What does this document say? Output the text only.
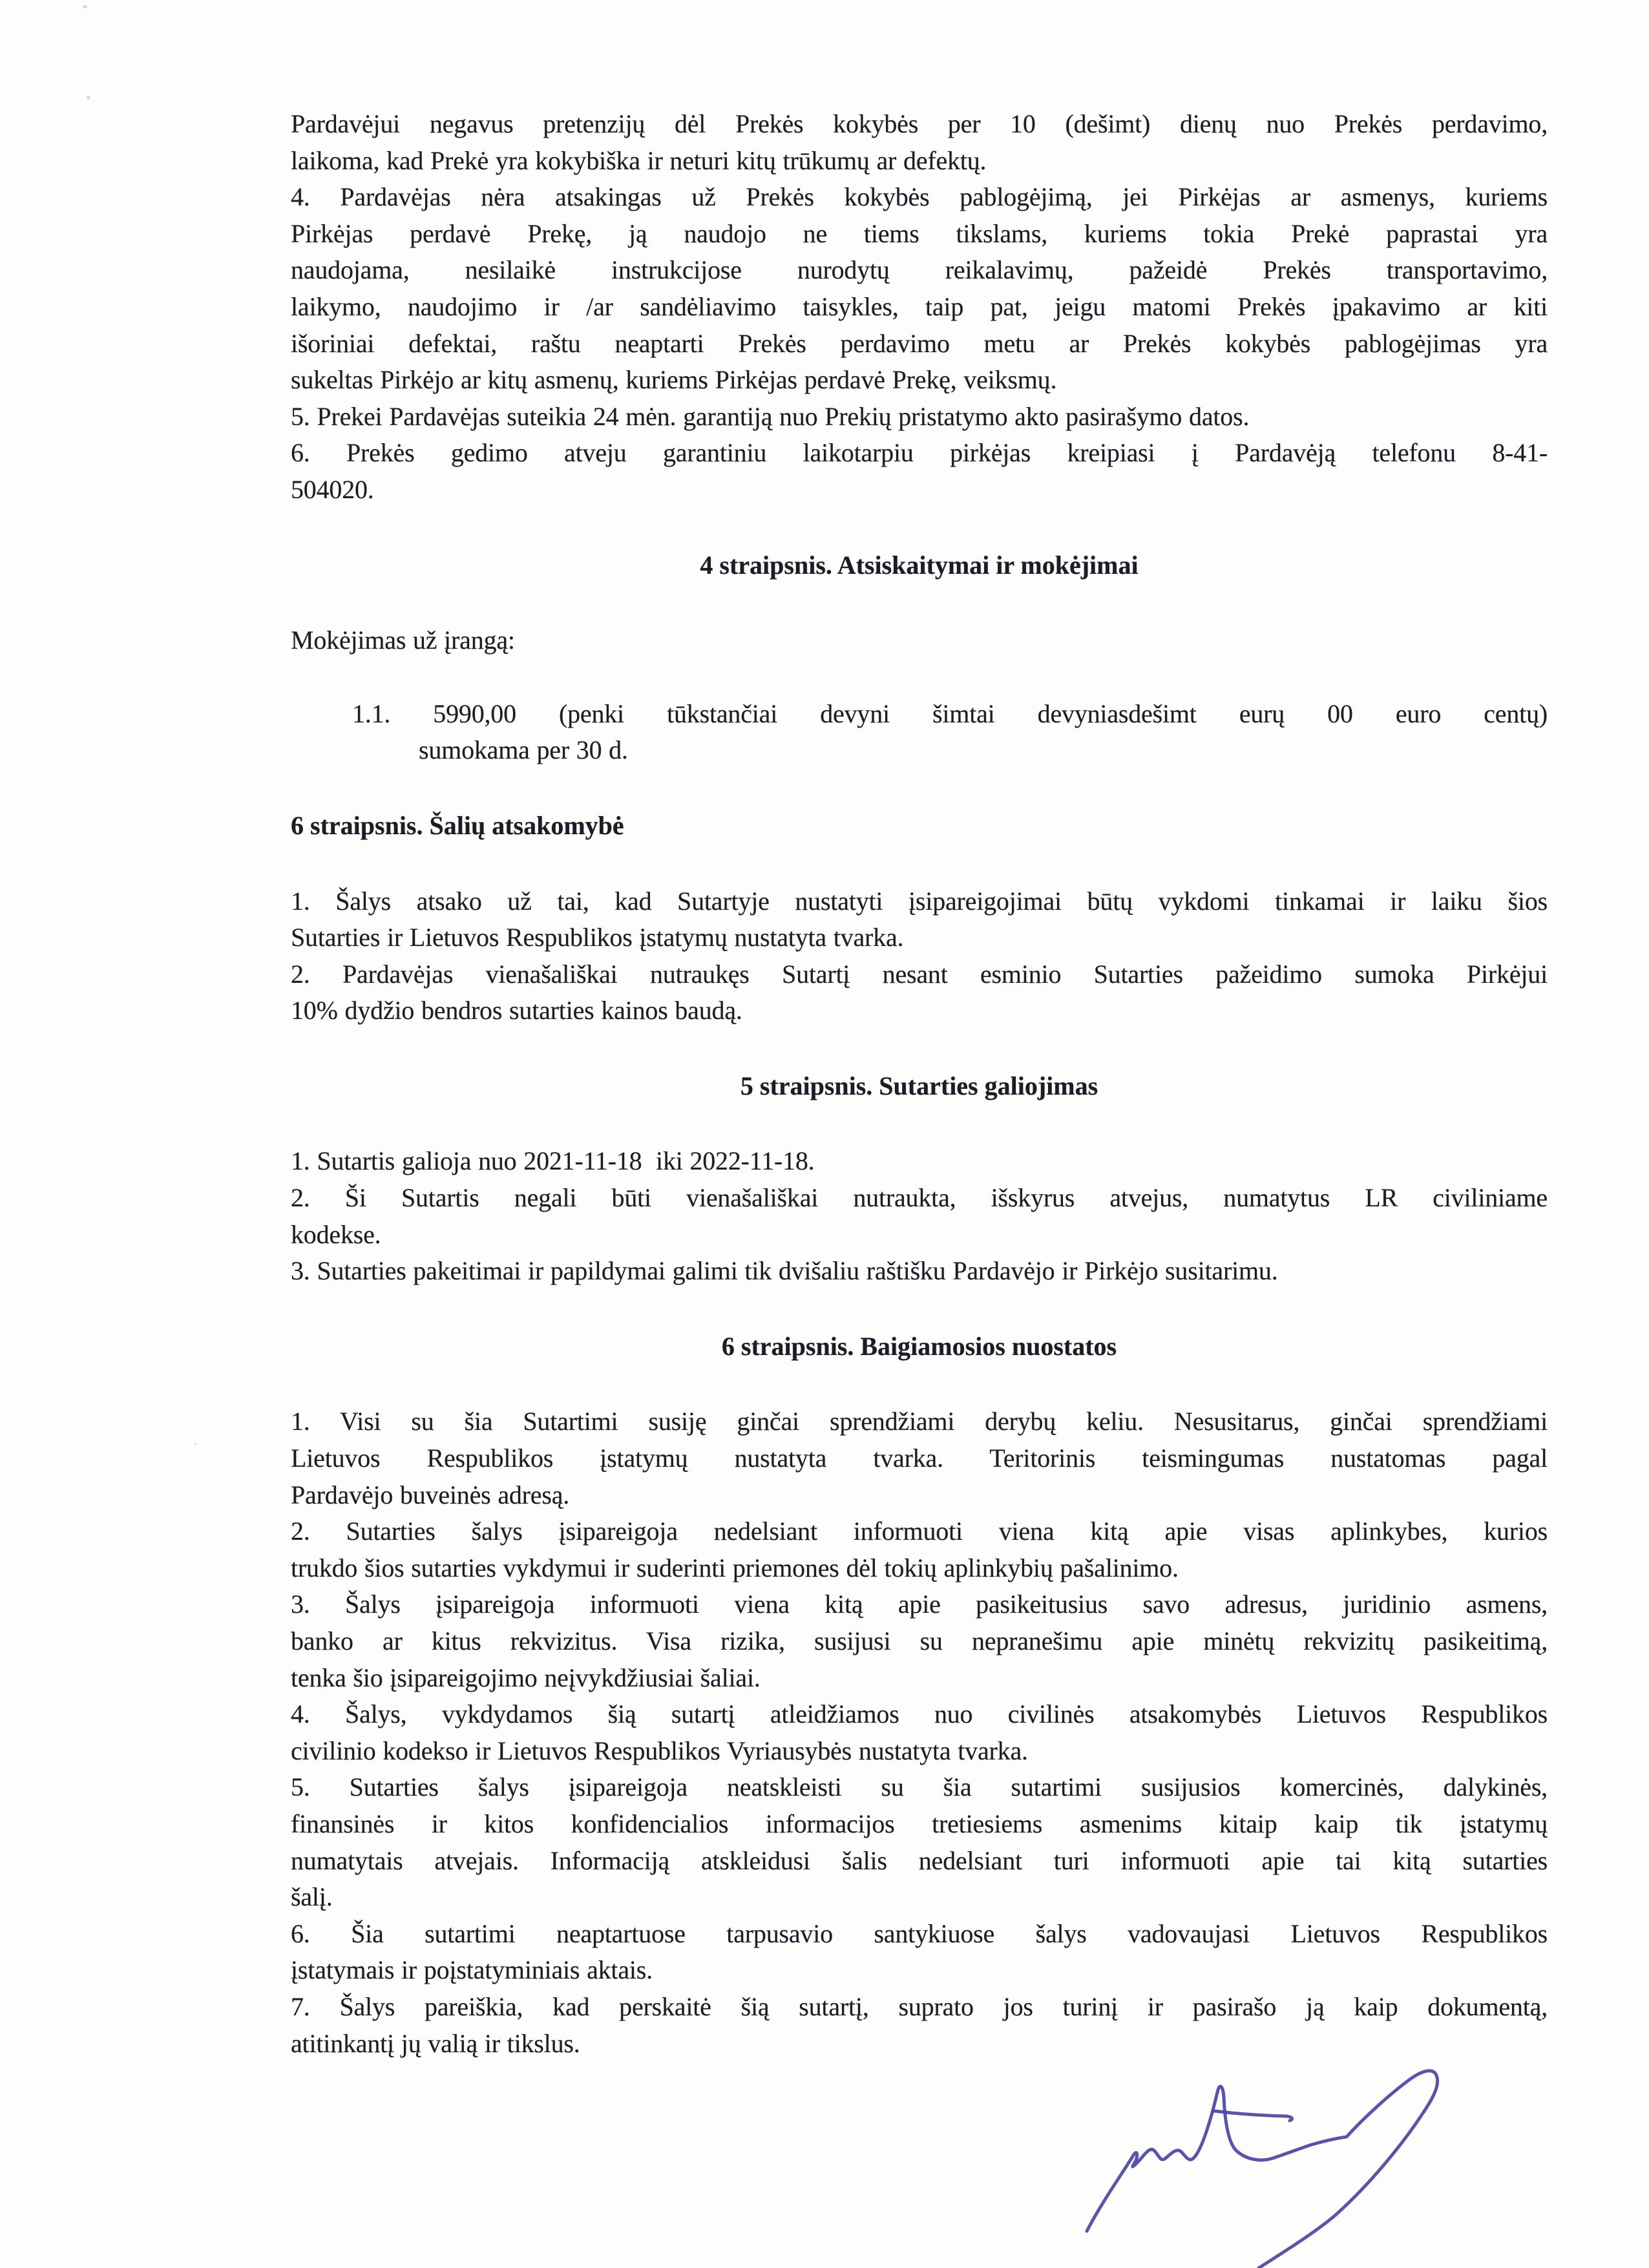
Pardavėjui negavus pretenzijų dėl Prekės kokybės per 10 (dešimt) dienų nuo Prekės perdavimo,
laikoma, kad Prekė yra kokybiška ir neturi kitų trūkumų ar defektų.
4. Pardavėjas nėra atsakingas už Prekės kokybės pablogėjimą, jei Pirkėjas ar asmenys, kuriems
Pirkėjas perdavė Prekę, ją naudojo ne tiems tikslams, kuriems tokia Prekė paprastai yra
naudojama, nesilaikė instrukcijose nurodytų reikalavimų, pažeidė Prekės transportavimo,
laikymo, naudojimo ir /ar sandėliavimo taisykles, taip pat, jeigu matomi Prekės įpakavimo ar kiti
išoriniai defektai, raštu neaptarti Prekės perdavimo metu ar Prekės kokybės pablogėjimas yra
sukeltas Pirkėjo ar kitų asmenų, kuriems Pirkėjas perdavė Prekę, veiksmų.
5. Prekei Pardavėjas suteikia 24 mėn. garantiją nuo Prekių pristatymo akto pasirašymo datos.
6. Prekės gedimo atveju garantiniu laikotarpiu pirkėjas kreipiasi į Pardavėją telefonu 8-41-
504020.
4 straipsnis. Atsiskaitymai ir mokėjimai
Mokėjimas už įrangą:
1.1. 5990,00 (penki tūkstančiai devyni šimtai devyniasdešimt eurų 00 euro centų)
sumokama per 30 d.
6 straipsnis. Šalių atsakomybė
1. Šalys atsako už tai, kad Sutartyje nustatyti įsipareigojimai būtų vykdomi tinkamai ir laiku šios
Sutarties ir Lietuvos Respublikos įstatymų nustatyta tvarka.
2. Pardavėjas vienašališkai nutraukęs Sutartį nesant esminio Sutarties pažeidimo sumoka Pirkėjui
10% dydžio bendros sutarties kainos baudą.
5 straipsnis. Sutarties galiojimas
1. Sutartis galioja nuo 2021-11-18  iki 2022-11-18.
2. Ši Sutartis negali būti vienašališkai nutraukta, išskyrus atvejus, numatytus LR civiliniame
kodekse.
3. Sutarties pakeitimai ir papildymai galimi tik dvišaliu raštišku Pardavėjo ir Pirkėjo susitarimu.
6 straipsnis. Baigiamosios nuostatos
1. Visi su šia Sutartimi susiję ginčai sprendžiami derybų keliu. Nesusitarus, ginčai sprendžiami
Lietuvos Respublikos įstatymų nustatyta tvarka. Teritorinis teismingumas nustatomas pagal
Pardavėjo buveinės adresą.
2. Sutarties šalys įsipareigoja nedelsiant informuoti viena kitą apie visas aplinkybes, kurios
trukdo šios sutarties vykdymui ir suderinti priemones dėl tokių aplinkybių pašalinimo.
3. Šalys įsipareigoja informuoti viena kitą apie pasikeitusius savo adresus, juridinio asmens,
banko ar kitus rekvizitus. Visa rizika, susijusi su nepranešimu apie minėtų rekvizitų pasikeitimą,
tenka šio įsipareigojimo neįvykdžiusiai šaliai.
4. Šalys, vykdydamos šią sutartį atleidžiamos nuo civilinės atsakomybės Lietuvos Respublikos
civilinio kodekso ir Lietuvos Respublikos Vyriausybės nustatyta tvarka.
5. Sutarties šalys įsipareigoja neatskleisti su šia sutartimi susijusios komercinės, dalykinės,
finansinės ir kitos konfidencialios informacijos tretiesiems asmenims kitaip kaip tik įstatymų
numatytais atvejais. Informaciją atskleidusi šalis nedelsiant turi informuoti apie tai kitą sutarties
šalį.
6. Šia sutartimi neaptartuose tarpusavio santykiuose šalys vadovaujasi Lietuvos Respublikos
įstatymais ir poįstatyminiais aktais.
7. Šalys pareiškia, kad perskaitė šią sutartį, suprato jos turinį ir pasirašo ją kaip dokumentą,
atitinkantį jų valią ir tikslus.
